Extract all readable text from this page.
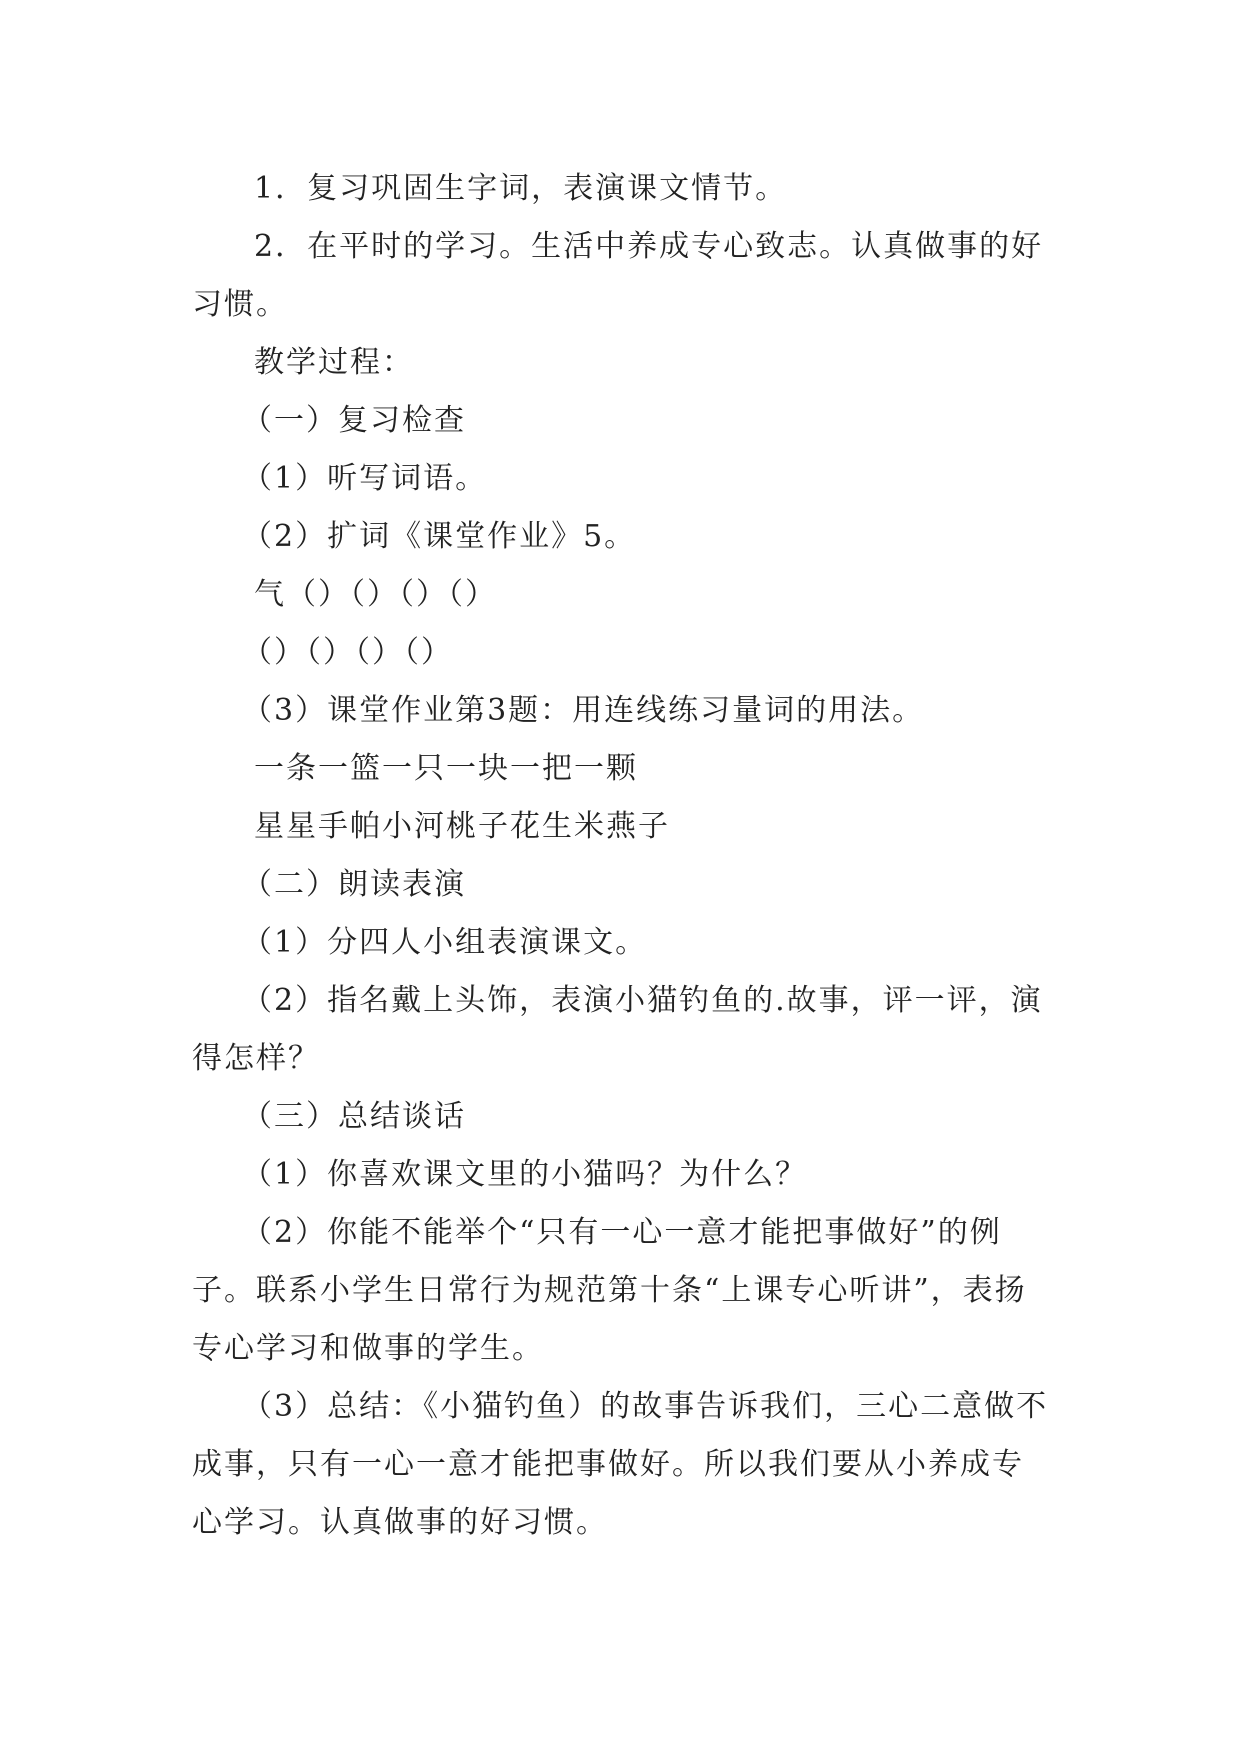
1．复习巩固生字词，表演课文情节。

2．在平时的学习。生活中养成专心致志。认真做事的好习惯。

教学过程：

（一）复习检查

（1）听写词语。

（2）扩词《课堂作业》5。

气（）（）（）（）

（）（）（）（）

（3）课堂作业第3题：用连线练习量词的用法。

一条一篮一只一块一把一颗

星星手帕小河桃子花生米燕子

（二）朗读表演

（1）分四人小组表演课文。

（2）指名戴上头饰，表演小猫钓鱼的.故事，评一评，演得怎样？

（三）总结谈话

（1）你喜欢课文里的小猫吗？为什么？

（2）你能不能举个“只有一心一意才能把事做好”的例子。联系小学生日常行为规范第十条“上课专心听讲”，表扬专心学习和做事的学生。

（3）总结：《小猫钓鱼）的故事告诉我们，三心二意做不成事，只有一心一意才能把事做好。所以我们要从小养成专心学习。认真做事的好习惯。
